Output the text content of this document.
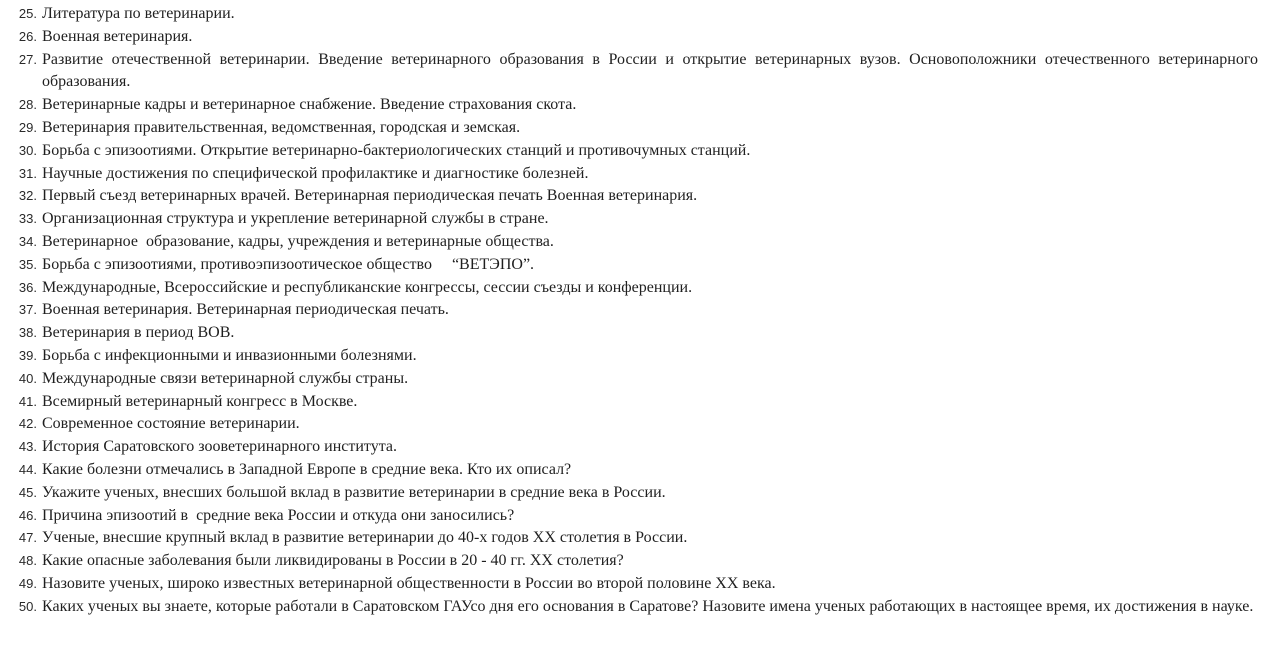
25. Литература по ветеринарии.
26. Военная ветеринария.
27. Развитие отечественной ветеринарии. Введение ветеринарного образования в России и открытие ветеринарных вузов. Основоположники отечественного ветеринарного образования.
28. Ветеринарные кадры и ветеринарное снабжение. Введение страхования скота.
29. Ветеринария правительственная, ведомственная, городская и земская.
30. Борьба с эпизоотиями. Открытие ветеринарно-бактериологических станций и противочумных станций.
31. Научные достижения по специфической профилактике и диагностике болезней.
32. Первый съезд ветеринарных врачей. Ветеринарная периодическая печать Военная ветеринария.
33. Организационная структура и укрепление ветеринарной службы в стране.
34. Ветеринарное  образование, кадры, учреждения и ветеринарные общества.
35. Борьба с эпизоотиями, противоэпизоотическое общество     “ВЕТЭПО”.
36. Международные, Всероссийские и республиканские конгрессы, сессии съезды и конференции.
37. Военная ветеринария. Ветеринарная периодическая печать.
38. Ветеринария в период ВОВ.
39. Борьба с инфекционными и инвазионными болезнями.
40. Международные связи ветеринарной службы страны.
41. Всемирный ветеринарный конгресс в Москве.
42. Современное состояние ветеринарии.
43. История Саратовского зооветеринарного института.
44. Какие болезни отмечались в Западной Европе в средние века. Кто их описал?
45. Укажите ученых, внесших большой вклад в развитие ветеринарии в средние века в России.
46. Причина эпизоотий в  средние века России и откуда они заносились?
47. Ученые, внесшие крупный вклад в развитие ветеринарии до 40-х годов XX столетия в России.
48. Какие опасные заболевания были ликвидированы в России в 20 - 40 гг. XX столетия?
49. Назовите ученых, широко известных ветеринарной общественности в России во второй половине XX века.
50. Каких ученых вы знаете, которые работали в Саратовском ГАУсо дня его основания в Саратове? Назовите имена ученых работающих в настоящее время, их достижения в науке.
